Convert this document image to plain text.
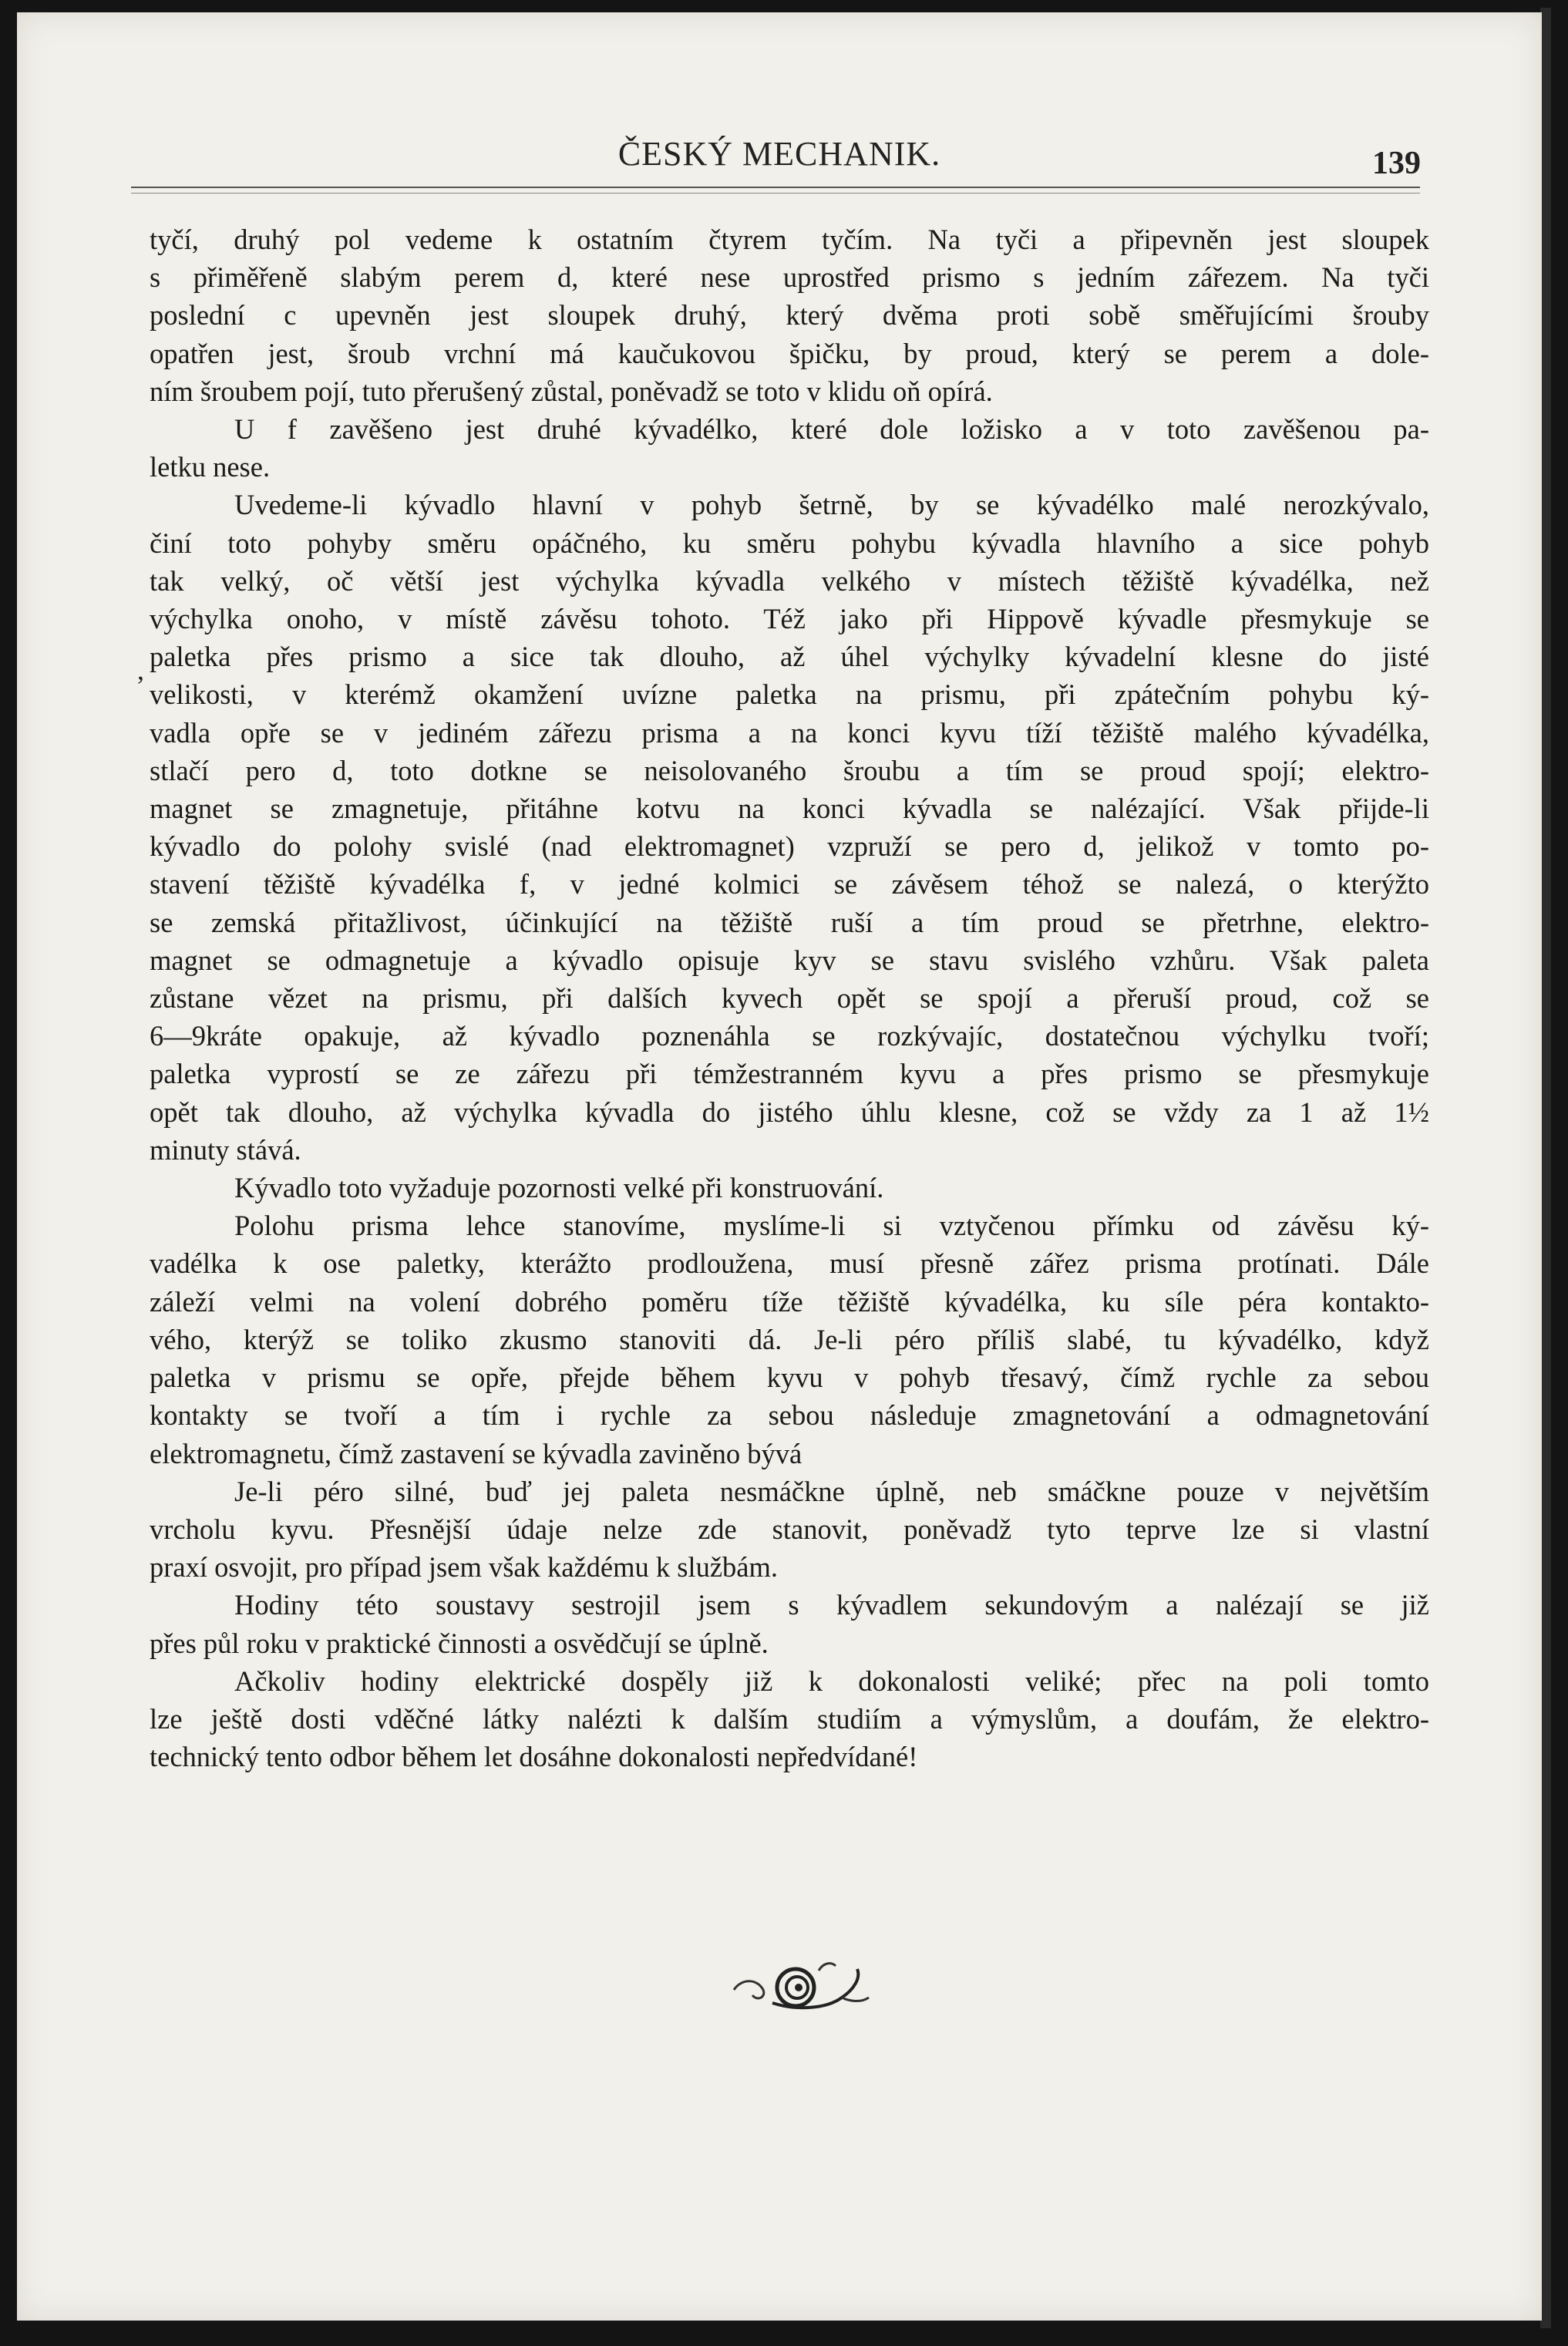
ČESKÝ MECHANIK.	139
,
tyčí, druhý pol vedeme k ostatním čtyrem tyčím. Na tyči a připevněn jest sloupek
s přiměřeně slabým perem d, které nese uprostřed prismo s jedním zářezem. Na tyči
poslední c upevněn jest sloupek druhý, který dvěma proti sobě směřujícími šrouby
opatřen jest, šroub vrchní má kaučukovou špičku, by proud, který se perem a dole-
ním šroubem pojí, tuto přerušený zůstal, poněvadž se toto v klidu oň opírá.
U f zavěšeno jest druhé kývadélko, které dole ložisko a v toto zavěšenou pa-
letku nese.
Uvedeme-li kývadlo hlavní v pohyb šetrně, by se kývadélko malé nerozkývalo,
činí toto pohyby směru opáčného, ku směru pohybu kývadla hlavního a sice pohyb
tak velký, oč větší jest výchylka kývadla velkého v místech těžiště kývadélka, než
výchylka onoho, v místě závěsu tohoto. Též jako při Hippově kývadle přesmykuje se
paletka přes prismo a sice tak dlouho, až úhel výchylky kývadelní klesne do jisté
velikosti, v kterémž okamžení uvízne paletka na prismu, při zpátečním pohybu ký-
vadla opře se v jediném zářezu prisma a na konci kyvu tíží těžiště malého kývadélka,
stlačí pero d, toto dotkne se neisolovaného šroubu a tím se proud spojí; elektro-
magnet se zmagnetuje, přitáhne kotvu na konci kývadla se nalézající. Však přijde-li
kývadlo do polohy svislé (nad elektromagnet) vzpruží se pero d, jelikož v tomto po-
stavení těžiště kývadélka f, v jedné kolmici se závěsem téhož se nalezá, o kterýžto
se zemská přitažlivost, účinkující na těžiště ruší a tím proud se přetrhne, elektro-
magnet se odmagnetuje a kývadlo opisuje kyv se stavu svislého vzhůru. Však paleta
zůstane vězet na prismu, při dalších kyvech opět se spojí a přeruší proud, což se
6—9kráte opakuje, až kývadlo poznenáhla se rozkývajíc, dostatečnou výchylku tvoří;
paletka vyprostí se ze zářezu při témžestranném kyvu a přes prismo se přesmykuje
opět tak dlouho, až výchylka kývadla do jistého úhlu klesne, což se vždy za 1 až 1½
minuty stává.
Kývadlo toto vyžaduje pozornosti velké při konstruování.
Polohu prisma lehce stanovíme, myslíme-li si vztyčenou přímku od závěsu ký-
vadélka k ose paletky, kterážto prodloužena, musí přesně zářez prisma protínati. Dále
záleží velmi na volení dobrého poměru tíže těžiště kývadélka, ku síle péra kontakto-
vého, kterýž se toliko zkusmo stanoviti dá. Je-li péro příliš slabé, tu kývadélko, když
paletka v prismu se opře, přejde během kyvu v pohyb třesavý, čímž rychle za sebou
kontakty se tvoří a tím i rychle za sebou následuje zmagnetování a odmagnetování
elektromagnetu, čímž zastavení se kývadla zaviněno bývá
Je-li péro silné, buď jej paleta nesmáčkne úplně, neb smáčkne pouze v největším
vrcholu kyvu. Přesnější údaje nelze zde stanovit, poněvadž tyto teprve lze si vlastní
praxí osvojit, pro případ jsem však každému k službám.
Hodiny této soustavy sestrojil jsem s kývadlem sekundovým a nalézají se již
přes půl roku v praktické činnosti a osvědčují se úplně.
Ačkoliv hodiny elektrické dospěly již k dokonalosti veliké; přec na poli tomto
lze ještě dosti vděčné látky nalézti k dalším studiím a výmyslům, a doufám, že elektro-
technický tento odbor během let dosáhne dokonalosti nepředvídané!
